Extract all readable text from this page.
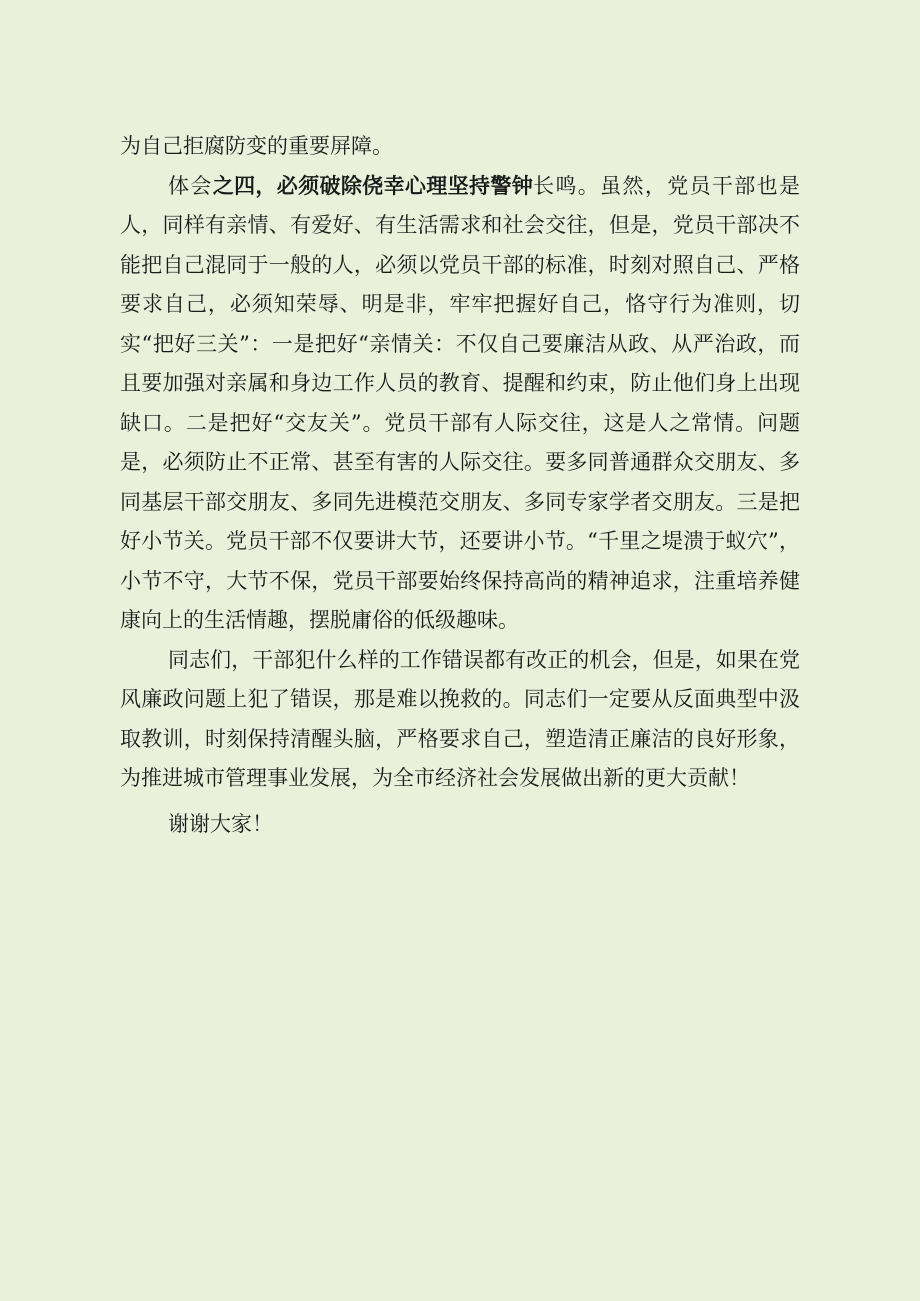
为自己拒腐防变的重要屏障。

体会之四，必须破除侥幸心理坚持警钟长鸣。虽然，党员干部也是人，同样有亲情、有爱好、有生活需求和社会交往，但是，党员干部决不能把自己混同于一般的人，必须以党员干部的标准，时刻对照自己、严格要求自己，必须知荣辱、明是非，牢牢把握好自己，恪守行为准则，切实“把好三关”：一是把好“亲情关：不仅自己要廉洁从政、从严治政，而且要加强对亲属和身边工作人员的教育、提醒和约束，防止他们身上出现缺口。二是把好“交友关”。党员干部有人际交往，这是人之常情。问题是，必须防止不正常、甚至有害的人际交往。要多同普通群众交朋友、多同基层干部交朋友、多同先进模范交朋友、多同专家学者交朋友。三是把好小节关。党员干部不仅要讲大节，还要讲小节。“千里之堤溃于蚁穴”，小节不守，大节不保，党员干部要始终保持高尚的精神追求，注重培养健康向上的生活情趣，摆脱庸俗的低级趣味。

同志们，干部犯什么样的工作错误都有改正的机会，但是，如果在党风廉政问题上犯了错误，那是难以挽救的。同志们一定要从反面典型中汲取教训，时刻保持清醒头脑，严格要求自己，塑造清正廉洁的良好形象，为推进城市管理事业发展，为全市经济社会发展做出新的更大贡献！

谢谢大家！
